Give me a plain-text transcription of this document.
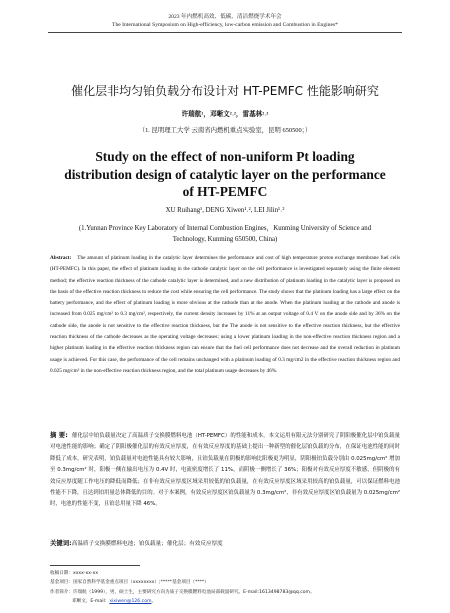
2023 年内燃机高效、低碳、清洁燃烧学术年会
The International Symposium on High-efficiency, low-carbon emission and Combustion in Engines*
催化层非均匀铂负载分布设计对 HT-PEMFC 性能影响研究
许瑞航¹，邓晰文²˒²，雷基林²˒²
（1. 昆明理工大学 云南省内燃机重点实验室，昆明 650500；）
Study on the effect of non-uniform Pt loading distribution design of catalytic layer on the performance of HT-PEMFC
XU Ruihang¹, DENG Xiwen¹˒², LEI Jilin¹˒²
(1.Yunnan Province Key Laboratory of Internal Combustion Engines，Kunming University of Science and Technology, Kunming 650500, China)
Abstract: The amount of platinum loading in the catalytic layer determines the performance and cost of high temperature proton exchange membrane fuel cells (HT-PEMFC). In this paper, the effect of platinum loading in the cathode catalytic layer on the cell performance is investigated separately using the finite element method; the effective reaction thickness of the cathode catalytic layer is determined, and a new distribution of platinum loading in the catalytic layer is proposed on the basis of the effective reaction thickness to reduce the cost while ensuring the cell performance. The study shows that the platinum loading has a large effect on the battery performance, and the effect of platinum loading is more obvious at the cathode than at the anode. When the platinum loading at the cathode and anode is increased from 0.025 mg/cm² to 0.3 mg/cm², respectively, the current density increases by 11% at an output voltage of 0.4 V on the anode side and by 36% on the cathode side, the anode is not sensitive to the effective reaction thickness, but the The anode is not sensitive to the effective reaction thickness, but the effective reaction thickness of the cathode decreases as the operating voltage decreases; using a lower platinum loading in the non-effective reaction thickness region and a higher platinum loading in the effective reaction thickness region can ensure that the fuel cell performance does not decrease and the overall reduction in platinum usage is achieved. For this case, the performance of the cell remains unchanged with a platinum loading of 0.3 mg/cm2 in the effective reaction thickness region and 0.025 mg/cm² in the non-effective reaction thickness region, and the total platinum usage decreases by 46%.
摘 要: 催化层中铂负载量决定了高温质子交换膜燃料电池（HT-PEMFC）的性能和成本。本文运用有限元法分别研究了阴阳极催化层中铂负载量对电池性能的影响；确定了阴阳极催化层的有效反应厚度，在有效反应厚度的基础上提出一种新型的催化层铂负载的分布，在保证电池性能的同时降低了成本。研究表明，铂负载量对电池性能具有较大影响，且铂负载量在阴极的影响比阳极更为明显，阴阳极铂负载分别由 0.025mg/cm² 增加至 0.3mg/cm² 时，阳极一侧在输出电压为 0.4V 时，电流密度增长了 11%，而阴极一侧增长了 36%；阳极对有效反应厚度不敏感，但阴极的有效反应厚度随工作电压的降低而降低；在非有效反应厚度区域采用较低的铂负载量，在有效反应厚度区域采用较高的铂负载量，可以保证燃料电池性能不下降，且达到铂用量总体降低的目的。对于本案例，有效反应厚度区铂负载量为 0.3mg/cm²，非有效反应厚度区铂负载量为 0.025mg/cm² 时，电池的性能不变，且铂总用量下降 46%。
关键词:高温质子交换膜燃料电池；铂负载量；催化层；有效反应厚度
收稿日期：xxxx-xx-xx
基金项目：国家自然科学基金重点项目（xxxxxxxx）;*****基金项目（****）
作者简介：许瑞航（1999），男，硕士生，主要研究方向为质子交换膜燃料电池局部载量研究。E-mail:1613498783@qq.com。
邓晰文，E-mail：xixiwen@126.com。
